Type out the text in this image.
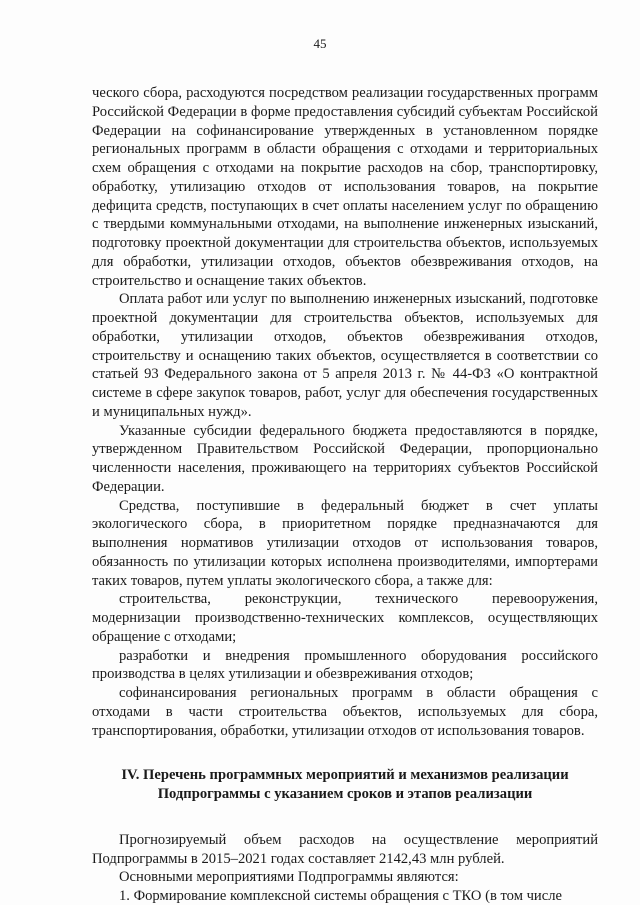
45

ческого сбора, расходуются посредством реализации государственных программ Российской Федерации в форме предоставления субсидий субъектам Российской Федерации на софинансирование утвержденных в установленном порядке региональных программ в области обращения с отходами и территориальных схем обращения с отходами на покрытие расходов на сбор, транспортировку, обработку, утилизацию отходов от использования товаров, на покрытие дефицита средств, поступающих в счет оплаты населением услуг по обращению с твердыми коммунальными отходами, на выполнение инженерных изысканий, подготовку проектной документации для строительства объектов, используемых для обработки, утилизации отходов, объектов обезвреживания отходов, на строительство и оснащение таких объектов.

Оплата работ или услуг по выполнению инженерных изысканий, подготовке проектной документации для строительства объектов, используемых для обработки, утилизации отходов, объектов обезвреживания отходов, строительству и оснащению таких объектов, осуществляется в соответствии со статьей 93 Федерального закона от 5 апреля 2013 г. № 44-ФЗ «О контрактной системе в сфере закупок товаров, работ, услуг для обеспечения государственных и муниципальных нужд».

Указанные субсидии федерального бюджета предоставляются в порядке, утвержденном Правительством Российской Федерации, пропорционально численности населения, проживающего на территориях субъектов Российской Федерации.

Средства, поступившие в федеральный бюджет в счет уплаты экологического сбора, в приоритетном порядке предназначаются для выполнения нормативов утилизации отходов от использования товаров, обязанность по утилизации которых исполнена производителями, импортерами таких товаров, путем уплаты экологического сбора, а также для:

строительства, реконструкции, технического перевооружения, модернизации производственно-технических комплексов, осуществляющих обращение с отходами;

разработки и внедрения промышленного оборудования российского производства в целях утилизации и обезвреживания отходов;

софинансирования региональных программ в области обращения с отходами в части строительства объектов, используемых для сбора, транспортирования, обработки, утилизации отходов от использования товаров.

IV. Перечень программных мероприятий и механизмов реализации
Подпрограммы с указанием сроков и этапов реализации

Прогнозируемый объем расходов на осуществление мероприятий Подпрограммы в 2015–2021 годах составляет 2142,43 млн рублей.

Основными мероприятиями Подпрограммы являются:

1. Формирование комплексной системы обращения с ТКО (в том числе
